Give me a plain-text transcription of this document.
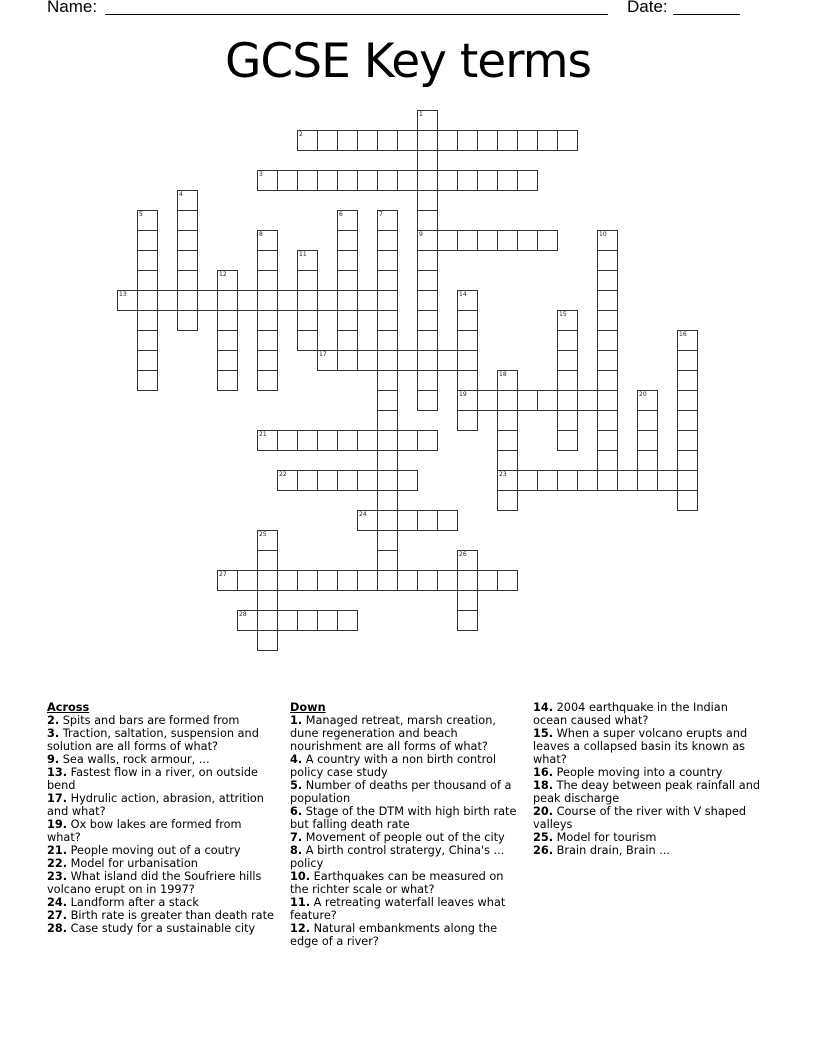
Name:	Date:
GCSE Key terms
1
9
2
3
4
5	6	7
8	10
11
12
13	14
19
15
16
17
18
23
20
21
22
24
25
26
27
28
Across
2. Spits and bars are formed from
3. Traction, saltation, suspension and solution are all forms of what?
9. Sea walls, rock armour, ...
13. Fastest flow in a river, on outside bend
17. Hydrulic action, abrasion, attrition and what?
19. Ox bow lakes are formed from what?
21. People moving out of a coutry
22. Model for urbanisation
23. What island did the Soufriere hills volcano erupt on in 1997?
24. Landform after a stack
27. Birth rate is greater than death rate
28. Case study for a sustainable city
Down
1. Managed retreat, marsh creation, dune regeneration and beach nourishment are all forms of what?
4. A country with a non birth control policy case study
5. Number of deaths per thousand of a population
6. Stage of the DTM with high birth rate but falling death rate
7. Movement of people out of the city
8. A birth control stratergy, China's ... policy
10. Earthquakes can be measured on the richter scale or what?
11. A retreating waterfall leaves what feature?
12. Natural embankments along the edge of a river?
14. 2004 earthquake in the Indian ocean caused what?
15. When a super volcano erupts and leaves a collapsed basin its known as what?
16. People moving into a country
18. The deay between peak rainfall and peak discharge
20. Course of the river with V shaped valleys
25. Model for tourism
26. Brain drain, Brain ...
